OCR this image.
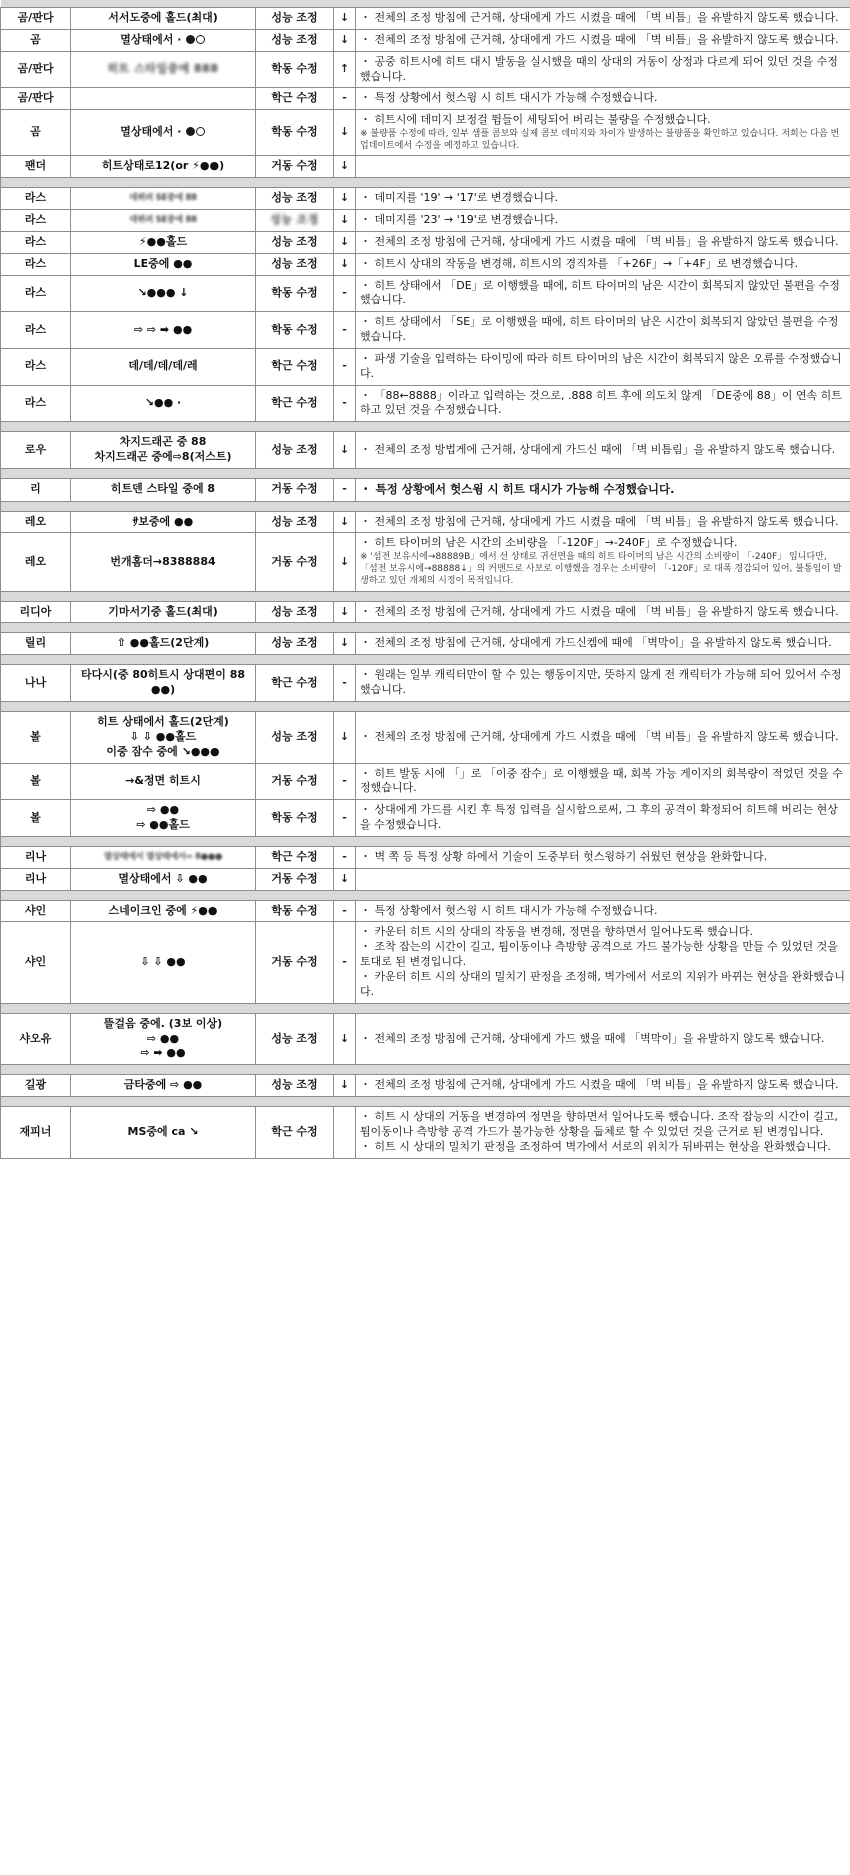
곰/판다	서서도중에 홀드(최대)	성능 조정	↓	・ 전체의 조정 방침에 근거해, 상대에게 가드 시켰을 때에 「벽 비틈」을 유발하지 않도록 했습니다.

곰	멸상태에서 ·	성능 조정	↓	・ 전체의 조정 방침에 근거해, 상대에게 가드 시켰을 때에 「벽 비틈」을 유발하지 않도록 했습니다.

곰/판다	히트 스타일중에 888	학동 수정	↑	・ 공중 히트시에 히트 대시 발동을 실시했을 때의 상대의 거동이 상정과 다르게 되어 있던 것을 수정했습니다.

곰/판다		학근 수정	-	・ 특정 상황에서 헛스윙 시 히트 대시가 가능해 수정했습니다.

곰	멸상태에서 ·	학동 수정	↓	・ 히트시에 데미지 보정걸 뜀들이 세팅되어 버리는 불량을 수정했습니다.
※ 불량품 수정에 따라, 일부 샘플 콤보와 실제 콤보 데미지와 차이가 발생하는 불량품을 확인하고 있습니다. 저희는 다음 번 업데이트에서 수정을 예정하고 있습니다.

팬더	히트상태로12(or ⚡●●)	거동 수정	↓	

라스	데뷔려 SE중에 88	성능 조정	↓	・ 데미지를 '19' → '17'로 변경했습니다.

라스	데뷔려 SE중에 88	성능 조정	↓	・ 데미지를 '23' → '19'로 변경했습니다.

라스	⚡●●홀드	성능 조정	↓	・ 전체의 조정 방침에 근거해, 상대에게 가드 시켰을 때에 「벽 비틈」을 유발하지 않도록 했습니다.

라스	LE중에 ●●	성능 조정	↓	・ 히트시 상대의 작동을 변경해, 히트시의 경직차를 「+26F」→「+4F」로 변경했습니다.

라스	↘●●● ↓	학동 수정	-	・ 히트 상태에서 「DE」로 이행했을 때에, 히트 타이머의 남은 시간이 회복되지 않았던 불편을 수정했습니다.

라스	⇨ ⇨ ➡ ●●	학동 수정	-	・ 히트 상태에서 「SE」로 이행했을 때에, 히트 타이머의 남은 시간이 회복되지 않았던 불편을 수정했습니다.

라스	데/데/데/데/레	학근 수정	-	・ 파생 기술을 입력하는 타이밍에 따라 히트 타이머의 남은 시간이 회복되지 않은 오류를 수정했습니다.

라스	↘●● ·	학근 수정	-	・ 「88←8888」이라고 입력하는 것으로, .888 히트 후에 의도치 않게 「DE중에 88」이 연속 히트하고 있던 것을 수정했습니다.

로우	차지드래곤 중 88
차지드래곤 중에⇨8(저스트)	성능 조정	↓	・ 전체의 조정 방법게에 근거해, 상대에게 가드신 때에 「벽 비틈림」을 유발하지 않도록 했습니다.

리	히트덴 스타일 중에 8	거동 수정	-	・ 특정 상황에서 헛스윙 시 히트 대시가 가능해 수정했습니다.

레오	ｻ보중에 ●●	성능 조정	↓	・ 전체의 조정 방침에 근거해, 상대에게 가드 시켰을 때에 「벽 비틈」을 유발하지 않도록 했습니다.

레오	번개홈더→8388884	거동 수정	↓	・ 히트 타이머의 남은 시간의 소비량을 「-120F」→-240F」로 수정했습니다.
※ '섬전 보유시에→88889B」에서 선 상태로 귀선면을 때의 히트 타이머의 남은 시간의 소비량이 「-240F」 입니다만, 「섬전 보유시에→88888↓」의 커맨드로 사보로 이행했을 경우는 소비량이 「-120F」로 대폭 경감되어 있어, 불통임이 발생하고 있던 개체의 시정이 목적입니다.

리디아	기마서기중 홀드(최대)	성능 조정	↓	・ 전체의 조정 방침에 근거해, 상대에게 가드 시켰을 때에 「벽 비틈」을 유발하지 않도록 했습니다.

릴리	⇧ ●●홀드(2단계)	성능 조정	↓	・ 전체의 조정 방침에 근거해, 상대에게 가드신켐에 때에 「벽막이」을 유발하지 않도록 했습니다.

나나	타다시(중 80히트시 상대편이 88 ●●)	학근 수정	-	・ 원래는 일부 캐릭터만이 할 수 있는 행동이지만, 뜻하지 않게 전 캐릭터가 가능해 되어 있어서 수정했습니다.

볼	히트 상태에서 홀드(2단계)
⇩ ⇩ ●●홀드
이중 잠수 중에 ↘●●●	성능 조정	↓	・ 전체의 조정 방침에 근거해, 상대에게 가드 시켰을 때에 「벽 비틈」을 유발하지 않도록 했습니다.

볼	→&정면 히트시	거동 수정	-	・ 히트 발동 시에 「」로 「이중 잠수」로 이행했을 때, 회복 가능 게이지의 회복량이 적었던 것을 수정했습니다.

볼	⇨ ●●
⇨ ●●홀드	학동 수정	-	・ 상대에게 가드를 시킨 후 특정 입력을 실시함으로써, 그 후의 공격이 확정되어 히트해 버리는 현상을 수정했습니다.

리나	멸상태에서 멸상태에서⇨ 8●●●	학근 수정	-	・ 벽 쪽 등 특정 상황 하에서 기술이 도중부터 헛스윙하기 쉬웠던 현상을 완화합니다.

리나	멸상태에서 ⇩ ●●	거동 수정	↓	

샤인	스네이크인 중에 ⚡●●	학동 수정	-	・ 특정 상황에서 헛스윙 시 히트 대시가 가능해 수정했습니다.

샤인	⇩ ⇩ ●●	거동 수정	-	・ 카운터 히트 시의 상대의 작동을 변경해, 정면을 향하면서 일어나도록 했습니다.
・ 조착 잡는의 시간이 길고, 튐이동이나 측방향 공격으로 가드 불가능한 상황을 만들 수 있었던 것을 토대로 된 변경입니다.
・ 카운터 히트 시의 상대의 밀치기 판정을 조정해, 벽가에서 서로의 지위가 바뀌는 현상을 완화했습니다.

샤오유	뜰걸음 중에. (3보 이상)
⇨ ●●
⇨ ➡ ●●	성능 조정	↓	・ 전체의 조정 방침에 근거해, 상대에게 가드 했을 때에 「벽막이」을 유발하지 않도록 했습니다.

길광	금타중에 ⇨ ●●	성능 조정	↓	・ 전체의 조정 방침에 근거해, 상대에게 가드 시켰을 때에 「벽 비틈」을 유발하지 않도록 했습니다.

재피너	MS중에 ca ↘	학근 수정		・ 히트 시 상대의 거동을 변경하여 정면을 향하면서 일어나도록 했습니다. 조작 잡능의 시간이 길고, 튐이동이나 측방향 공격 가드가 불가능한 상황을 둡체로 할 수 있었던 것을 근거로 된 변경입니다.
・ 히트 시 상대의 밀치기 판정을 조정하여 벽가에서 서로의 위치가 뒤바뀌는 현상을 완화했습니다.
